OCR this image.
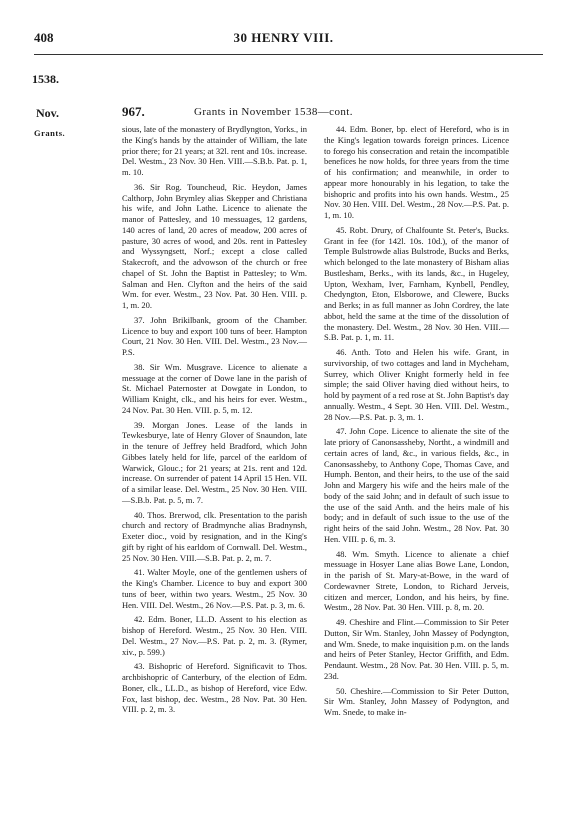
408	30 HENRY VIII.
1538.
Nov.
Grants.
967.	Grants in November 1538—cont.

sious, late of the monastery of Brydlyngton, Yorks., in the King's hands by the attainder of William, the late prior there; for 21 years; at 32l. rent and 10s. increase. Del. Westm., 23 Nov. 30 Hen. VIII.—S.B.b. Pat. p. 1, m. 10.

36. Sir Rog. Touncheud, Ric. Heydon, James Calthorp, John Brymley alias Skepper and Christiana his wife, and John Lathe. Licence to alienate the manor of Pattesley, and 10 messuages, 12 gardens, 140 acres of land, 20 acres of meadow, 200 acres of pasture, 30 acres of wood, and 20s. rent in Pattesley and Wyssyngsett, Norf.; except a close called Stakecroft, and the advowson of the church or free chapel of St. John the Baptist in Pattesley; to Wm. Salman and Hen. Clyfton and the heirs of the said Wm. for ever. Westm., 23 Nov. Pat. 30 Hen. VIII. p. 1, m. 20.

37. John Brikilbank, groom of the Chamber. Licence to buy and export 100 tuns of beer. Hampton Court, 21 Nov. 30 Hen. VIII. Del. Westm., 23 Nov.—P.S.

38. Sir Wm. Musgrave. Licence to alienate a messuage at the corner of Dowe lane in the parish of St. Michael Paternoster at Dowgate in London, to William Knight, clk., and his heirs for ever. Westm., 24 Nov. Pat. 30 Hen. VIII. p. 5, m. 12.

39. Morgan Jones. Lease of the lands in Tewkesburye, late of Henry Glover of Snaundon, late in the tenure of Jeffrey held Bradford, which John Gibbes lately held for life, parcel of the earldom of Warwick, Glouc.; for 21 years; at 21s. rent and 12d. increase. On surrender of patent 14 April 15 Hen. VII. of a similar lease. Del. Westm., 25 Nov. 30 Hen. VIII.—S.B.b. Pat. p. 5, m. 7.

40. Thos. Brerwod, clk. Presentation to the parish church and rectory of Bradmynche alias Bradnynsh, Exeter dioc., void by resignation, and in the King's gift by right of his earldom of Cornwall. Del. Westm., 25 Nov. 30 Hen. VIII.—S.B. Pat. p. 2, m. 7.

41. Walter Moyle, one of the gentlemen ushers of the King's Chamber. Licence to buy and export 300 tuns of beer, within two years. Westm., 25 Nov. 30 Hen. VIII. Del. Westm., 26 Nov.—P.S. Pat. p. 3, m. 6.

42. Edm. Boner, LL.D. Assent to his election as bishop of Hereford. Westm., 25 Nov. 30 Hen. VIII. Del. Westm., 27 Nov.—P.S. Pat. p. 2, m. 3. (Rymer, xiv., p. 599.)

43. Bishopric of Hereford. Significavit to Thos. archbishopric of Canterbury, of the election of Edm. Boner, clk., LL.D., as bishop of Hereford, vice Edw. Fox, last bishop, dec. Westm., 28 Nov. Pat. 30 Hen. VIII. p. 2, m. 3.

44. Edm. Boner, bp. elect of Hereford, who is in the King's legation towards foreign princes. Licence to forego his consecration and retain the incompatible benefices he now holds, for three years from the time of his confirmation; and meanwhile, in order to appear more honourably in his legation, to take the bishopric and profits into his own hands. Westm., 25 Nov. 30 Hen. VIII. Del. Westm., 28 Nov.—P.S. Pat. p. 1, m. 10.

45. Robt. Drury, of Chalfounte St. Peter's, Bucks. Grant in fee (for 142l. 10s. 10d.), of the manor of Temple Bulstrowde alias Bulstrode, Bucks and Berks, which belonged to the late monastery of Bisham alias Bustlesham, Berks., with its lands, &c., in Hugeley, Upton, Wexham, Iver, Farnham, Kynbell, Pendley, Chedyngton, Eton, Elsborowe, and Clewere, Bucks and Berks; in as full manner as John Cordrey, the late abbot, held the same at the time of the dissolution of the monastery. Del. Westm., 28 Nov. 30 Hen. VIII.—S.B. Pat. p. 1, m. 11.

46. Anth. Toto and Helen his wife. Grant, in survivorship, of two cottages and land in Mycheham, Surrey, which Oliver Knight formerly held in fee simple; the said Oliver having died without heirs, to hold by payment of a red rose at St. John Baptist's day annually. Westm., 4 Sept. 30 Hen. VIII. Del. Westm., 28 Nov.—P.S. Pat. p. 3, m. 1.

47. John Cope. Licence to alienate the site of the late priory of Canonsassheby, Northt., a windmill and certain acres of land, &c., in various fields, &c., in Canonsassheby, to Anthony Cope, Thomas Cave, and Humph. Benton, and their heirs, to the use of the said John and Margery his wife and the heirs male of the body of the said John; and in default of such issue to the use of the said Anth. and the heirs male of his body; and in default of such issue to the use of the right heirs of the said John. Westm., 28 Nov. Pat. 30 Hen. VIII. p. 6, m. 3.

48. Wm. Smyth. Licence to alienate a chief messuage in Hosyer Lane alias Bowe Lane, London, in the parish of St. Mary-at-Bowe, in the ward of Cordewavner Strete, London, to Richard Jerveis, citizen and mercer, London, and his heirs, by fine. Westm., 28 Nov. Pat. 30 Hen. VIII. p. 8, m. 20.

49. Cheshire and Flint.—Commission to Sir Peter Dutton, Sir Wm. Stanley, John Massey of Podyngton, and Wm. Snede, to make inquisition p.m. on the lands and heirs of Peter Stanley, Hector Griffith, and Edm. Pendaunt. Westm., 28 Nov. Pat. 30 Hen. VIII. p. 5, m. 23d.

50. Cheshire.—Commission to Sir Peter Dutton, Sir Wm. Stanley, John Massey of Podyngton, and Wm. Snede, to make in-
